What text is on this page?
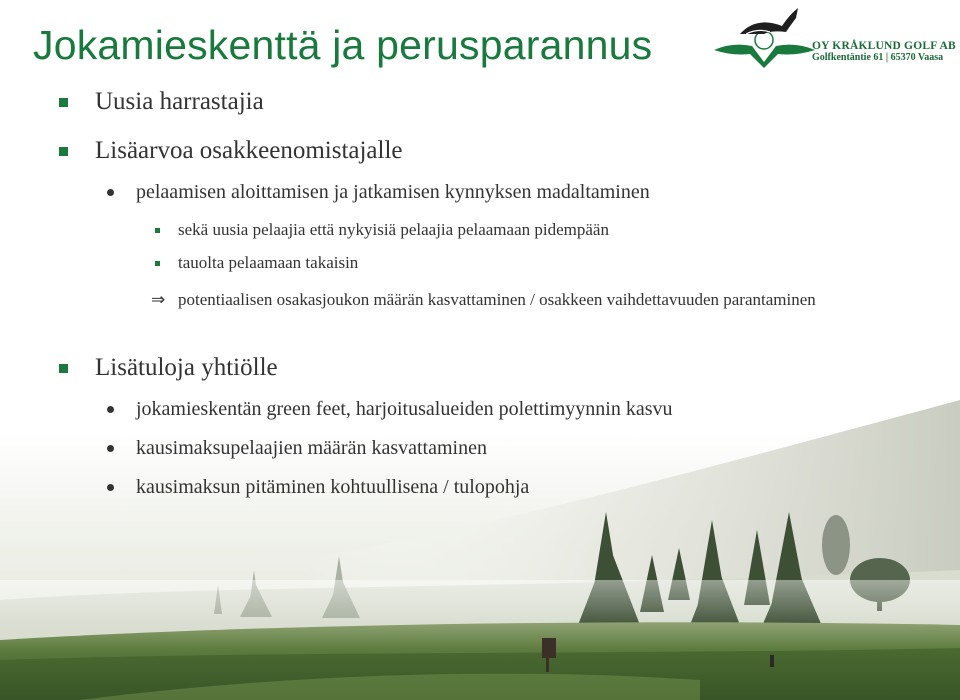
Jokamieskenttä ja perusparannus	OY KRÅKLUND GOLF AB
Golfkentäntie 61 | 65370 Vaasa
Uusia harrastajia
Lisäarvoa osakkeenomistajalle
pelaamisen aloittamisen ja jatkamisen kynnyksen madaltaminen
sekä uusia pelaajia että nykyisiä pelaajia pelaamaan pidempään
tauolta pelaamaan takaisin
⇒ potentiaalisen osakasjoukon määrän kasvattaminen / osakkeen vaihdettavuuden parantaminen
Lisätuloja yhtiölle
jokamieskentän green feet, harjoitusalueiden polettimyynnin kasvu
kausimaksupelaajien määrän kasvattaminen
kausimaksun pitäminen kohtuullisena / tulopohja
